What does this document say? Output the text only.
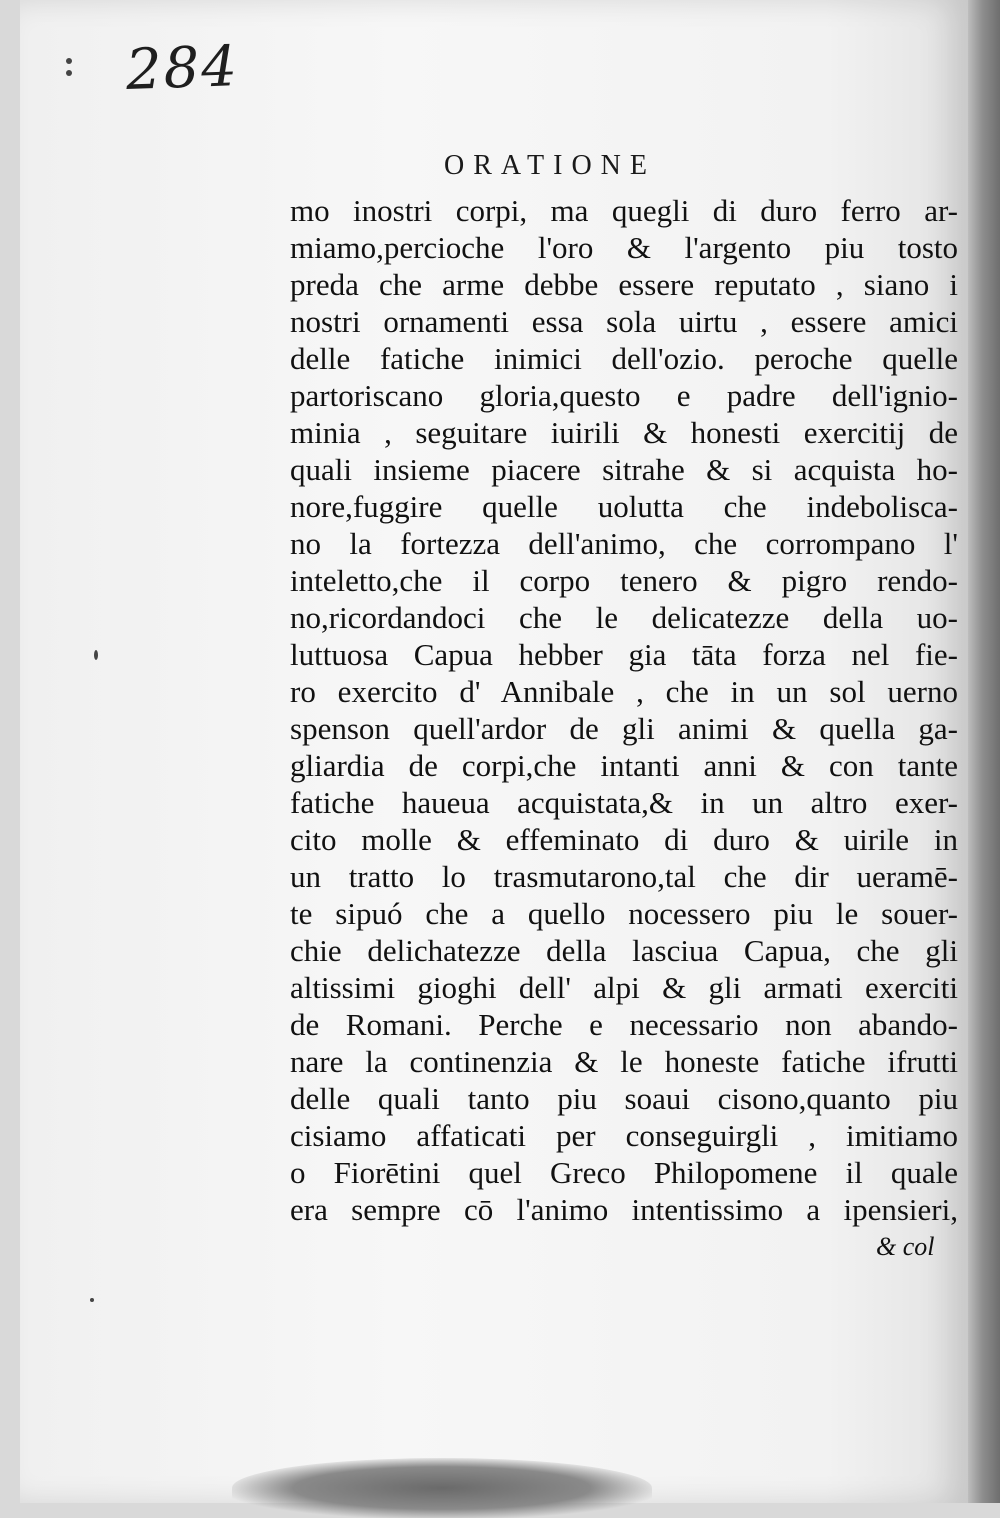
284
ORATIONE
mo inostri corpi, ma quegli di duro ferro ar-
miamo,percioche l'oro & l'argento piu tosto
preda che arme debbe essere reputato , siano i
nostri ornamenti essa sola uirtu , essere amici
delle fatiche inimici dell'ozio. peroche quelle
partoriscano gloria,questo e padre dell'ignio-
minia , seguitare iuirili & honesti exercitij de
quali insieme piacere sitrahe & si acquista ho-
nore,fuggire quelle uolutta che indebolisca-
no la fortezza dell'animo, che corrompano l'
inteletto,che il corpo tenero & pigro rendo-
no,ricordandoci che le delicatezze della uo-
luttuosa Capua hebber gia tāta forza nel fie-
ro exercito d' Annibale , che in un sol uerno
spenson quell'ardor de gli animi & quella ga-
gliardia de corpi,che intanti anni & con tante
fatiche haueua acquistata,& in un altro exer-
cito molle & effeminato di duro & uirile in
un tratto lo trasmutarono,tal che dir ueramē-
te sipuó che a quello nocessero piu le souer-
chie delichatezze della lasciua Capua, che gli
altissimi gioghi dell' alpi & gli armati exerciti
de Romani. Perche e necessario non abando-
nare la continenzia & le honeste fatiche ifrutti
delle quali tanto piu soaui cisono,quanto piu
cisiamo affaticati per conseguirgli , imitiamo
o Fiorētini quel Greco Philopomene il quale
era sempre cō l'animo intentissimo a ipensieri,
& col
